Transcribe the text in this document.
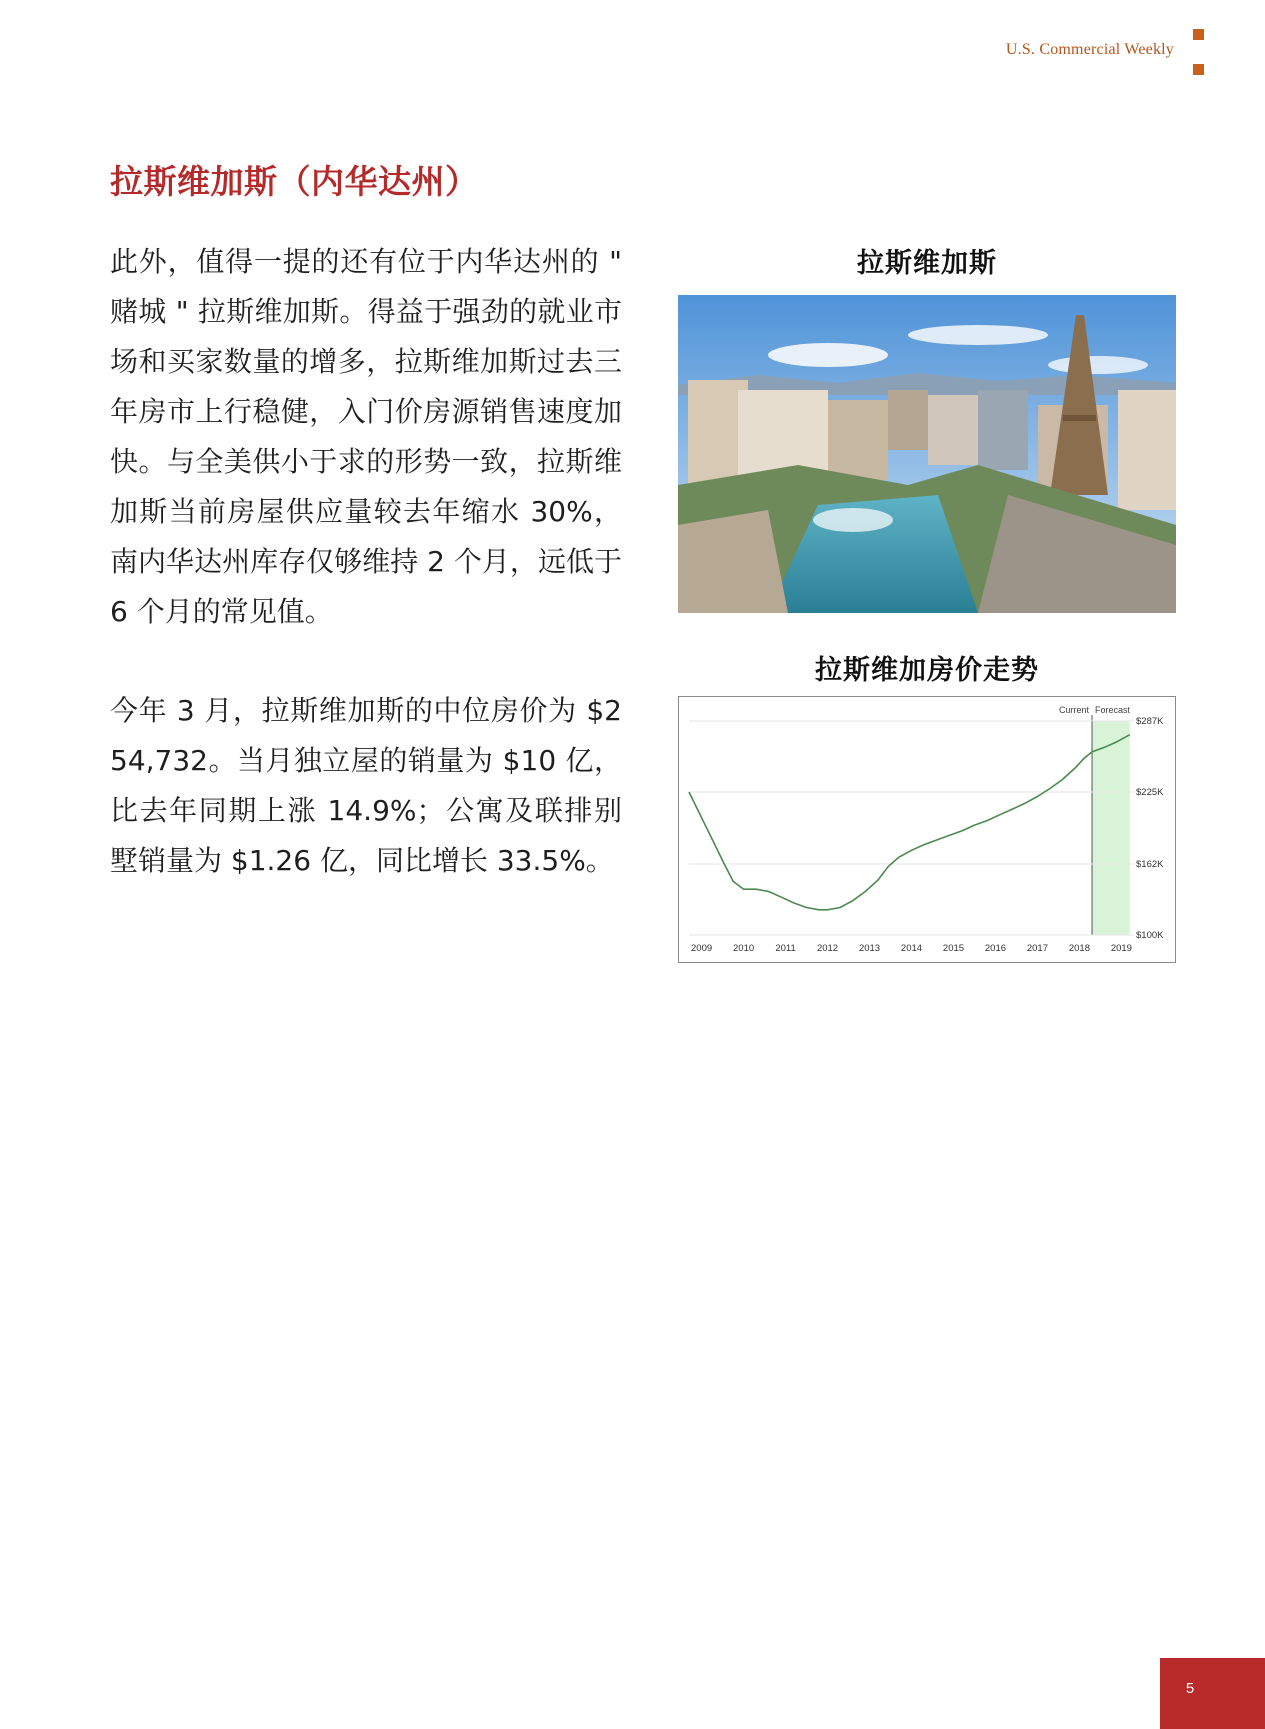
U.S. Commercial Weekly
拉斯维加斯（内华达州）
此外，值得一提的还有位于内华达州的 " 赌城 " 拉斯维加斯。得益于强劲的就业市场和买家数量的增多，拉斯维加斯过去三年房市上行稳健，入门价房源销售速度加快。与全美供小于求的形势一致，拉斯维加斯当前房屋供应量较去年缩水 30%，南内华达州库存仅够维持 2 个月，远低于 6 个月的常见值。
今年 3 月，拉斯维加斯的中位房价为 $254,732。当月独立屋的销量为 $10 亿，比去年同期上涨 14.9%；公寓及联排别墅销量为 $1.26 亿，同比增长 33.5%。
拉斯维加斯
拉斯维加房价走势
$287K
$225K
$162K
$100K
2009 2010 2011 2012 2013 2014 2015 2016 2017 2018 2019
Current Forecast
5
